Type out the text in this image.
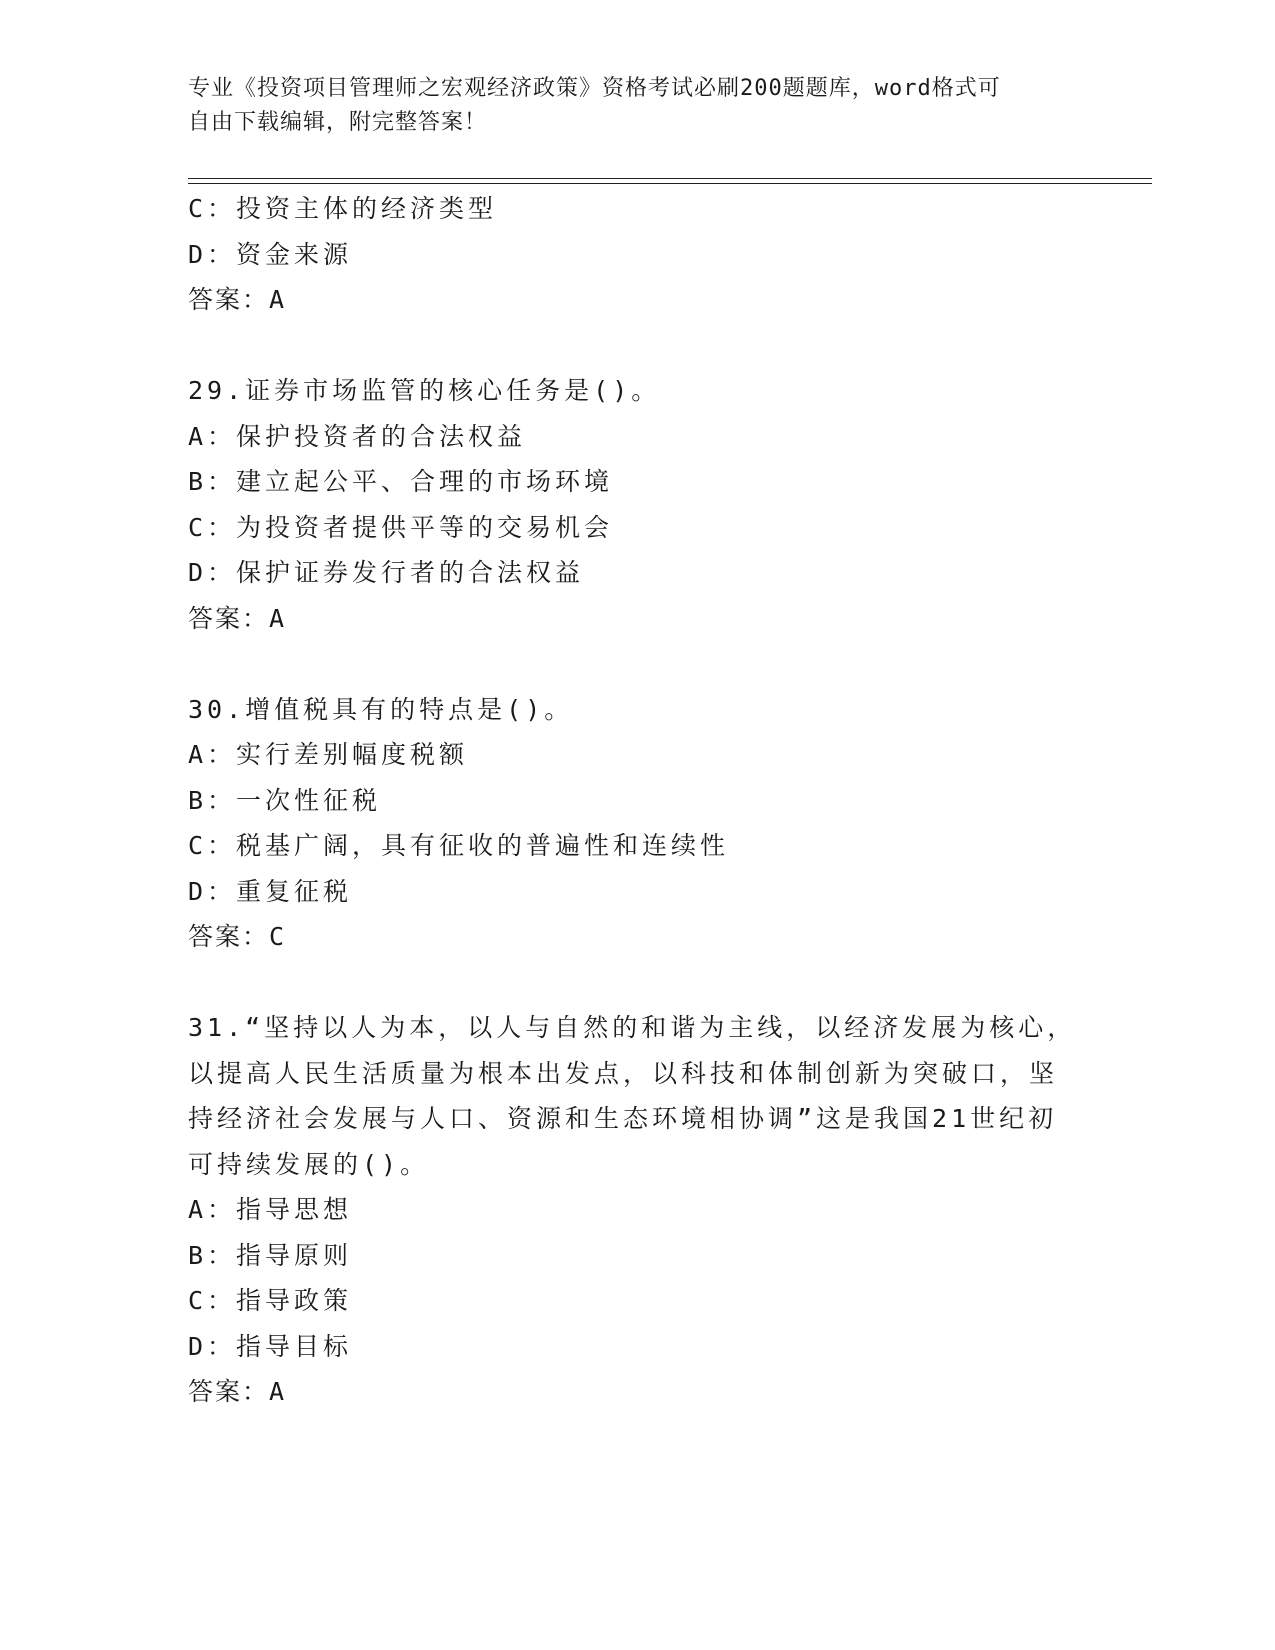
专业《投资项目管理师之宏观经济政策》资格考试必刷200题题库，word格式可
自由下载编辑，附完整答案！
C：投资主体的经济类型
D：资金来源
答案：A
29.证券市场监管的核心任务是()。
A：保护投资者的合法权益
B：建立起公平、合理的市场环境
C：为投资者提供平等的交易机会
D：保护证券发行者的合法权益
答案：A
30.增值税具有的特点是()。
A：实行差别幅度税额
B：一次性征税
C：税基广阔，具有征收的普遍性和连续性
D：重复征税
答案：C
31.“坚持以人为本，以人与自然的和谐为主线，以经济发展为核心，
以提高人民生活质量为根本出发点，以科技和体制创新为突破口，坚
持经济社会发展与人口、资源和生态环境相协调”这是我国21世纪初
可持续发展的()。
A：指导思想
B：指导原则
C：指导政策
D：指导目标
答案：A
